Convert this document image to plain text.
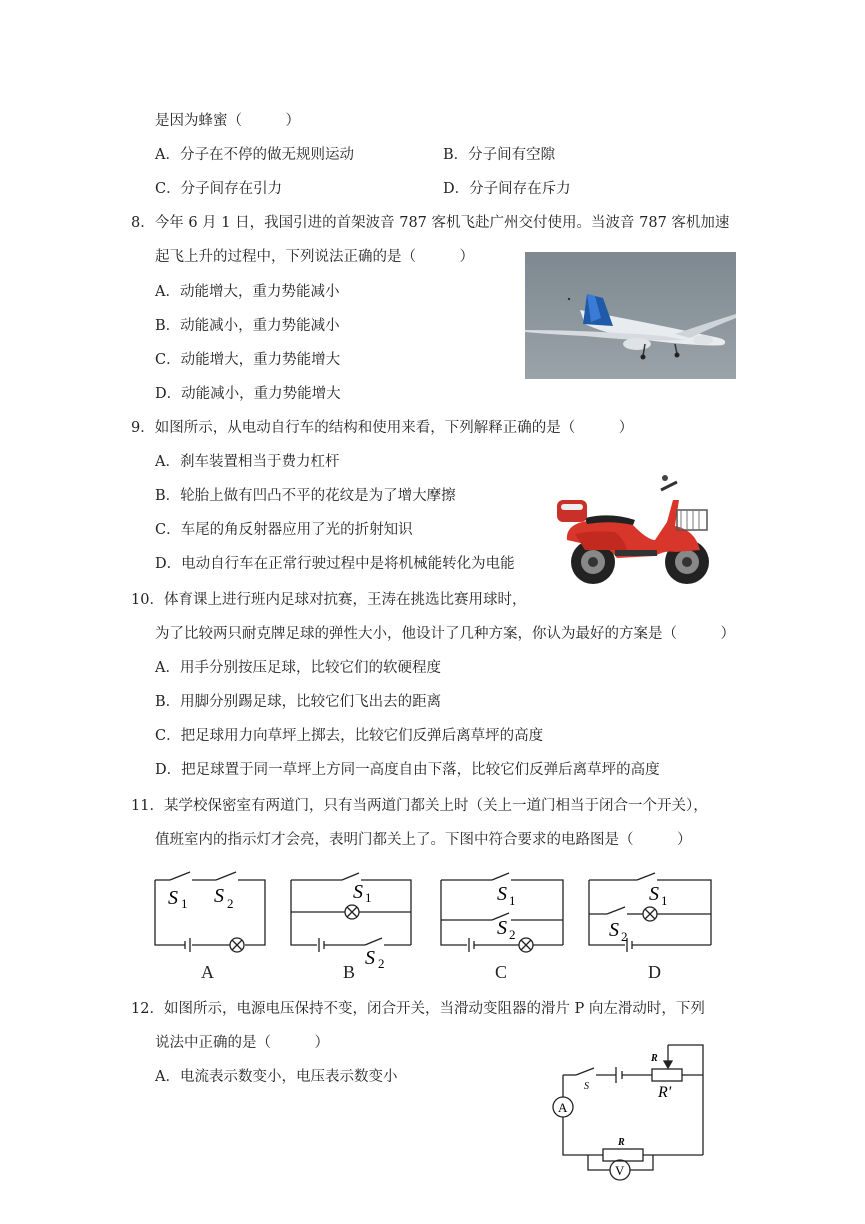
是因为蜂蜜（　　　）
A．分子在不停的做无规则运动	B．分子间有空隙
C．分子间存在引力	D．分子间存在斥力
8．今年 6 月 1 日，我国引进的首架波音 787 客机飞赴广州交付使用。当波音 787 客机加速
起飞上升的过程中，下列说法正确的是（　　　）
A．动能增大，重力势能减小
B．动能减小，重力势能减小
C．动能增大，重力势能增大
D．动能减小，重力势能增大
9．如图所示，从电动自行车的结构和使用来看，下列解释正确的是（　　　）
A．刹车装置相当于费力杠杆
B．轮胎上做有凹凸不平的花纹是为了增大摩擦
C．车尾的角反射器应用了光的折射知识
D．电动自行车在正常行驶过程中是将机械能转化为电能
10．体育课上进行班内足球对抗赛，王涛在挑选比赛用球时，
为了比较两只耐克牌足球的弹性大小，他设计了几种方案，你认为最好的方案是（　　　）
A．用手分别按压足球，比较它们的软硬程度
B．用脚分别踢足球，比较它们飞出去的距离
C．把足球用力向草坪上掷去，比较它们反弹后离草坪的高度
D．把足球置于同一草坪上方同一高度自由下落，比较它们反弹后离草坪的高度
11．某学校保密室有两道门，只有当两道门都关上时（关上一道门相当于闭合一个开关），
值班室内的指示灯才会亮，表明门都关上了。下图中符合要求的电路图是（　　　）
S 1 S 2
A
S 1
S 2
B
S 1
S 2
C
S 1
S 2
D
12．如图所示，电源电压保持不变，闭合开关，当滑动变阻器的滑片 P 向左滑动时，下列
说法中正确的是（　　　）
A．电流表示数变小，电压表示数变小
R
R'
S
A
R
V
